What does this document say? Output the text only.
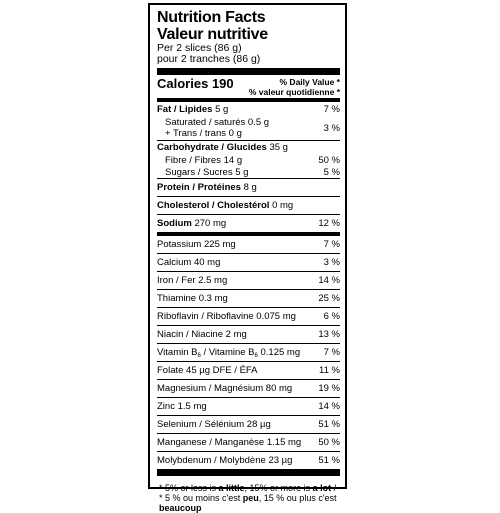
Nutrition Facts
Valeur nutritive
Per 2 slices (86 g)
pour 2 tranches (86 g)
Calories 190	% Daily Value *
% valeur quotidienne *
Fat / Lipides 5 g	7 %
Saturated / saturés 0.5 g
+ Trans / trans 0 g	3 %
Carbohydrate / Glucides 35 g
Fibre / Fibres 14 g	50 %
Sugars / Sucres 5 g	5 %
Protein / Protéines 8 g
Cholesterol / Cholestérol 0 mg
Sodium 270 mg	12 %
Potassium 225 mg	7 %
Calcium 40 mg	3 %
Iron / Fer 2.5 mg	14 %
Thiamine 0.3 mg	25 %
Riboflavin / Riboflavine 0.075 mg	6 %
Niacin / Niacine 2 mg	13 %
Vitamin $B_6$ / Vitamine $B_6$ 0.125 mg 7 %
Folate 45 µg DFE / ÉFA	11 %
Magnesium / Magnésium 80 mg	19 %
Zinc 1.5 mg	14 %
Selenium / Sélénium 28 µg	51 %
Manganese / Manganèse 1.15 mg 50 %
Molybdenum / Molybdène 23 µg	51 %
* 5% or less is a little, 15% or more is a lot / * 5 % ou moins c'est peu, 15 % ou plus c'est beaucoup
